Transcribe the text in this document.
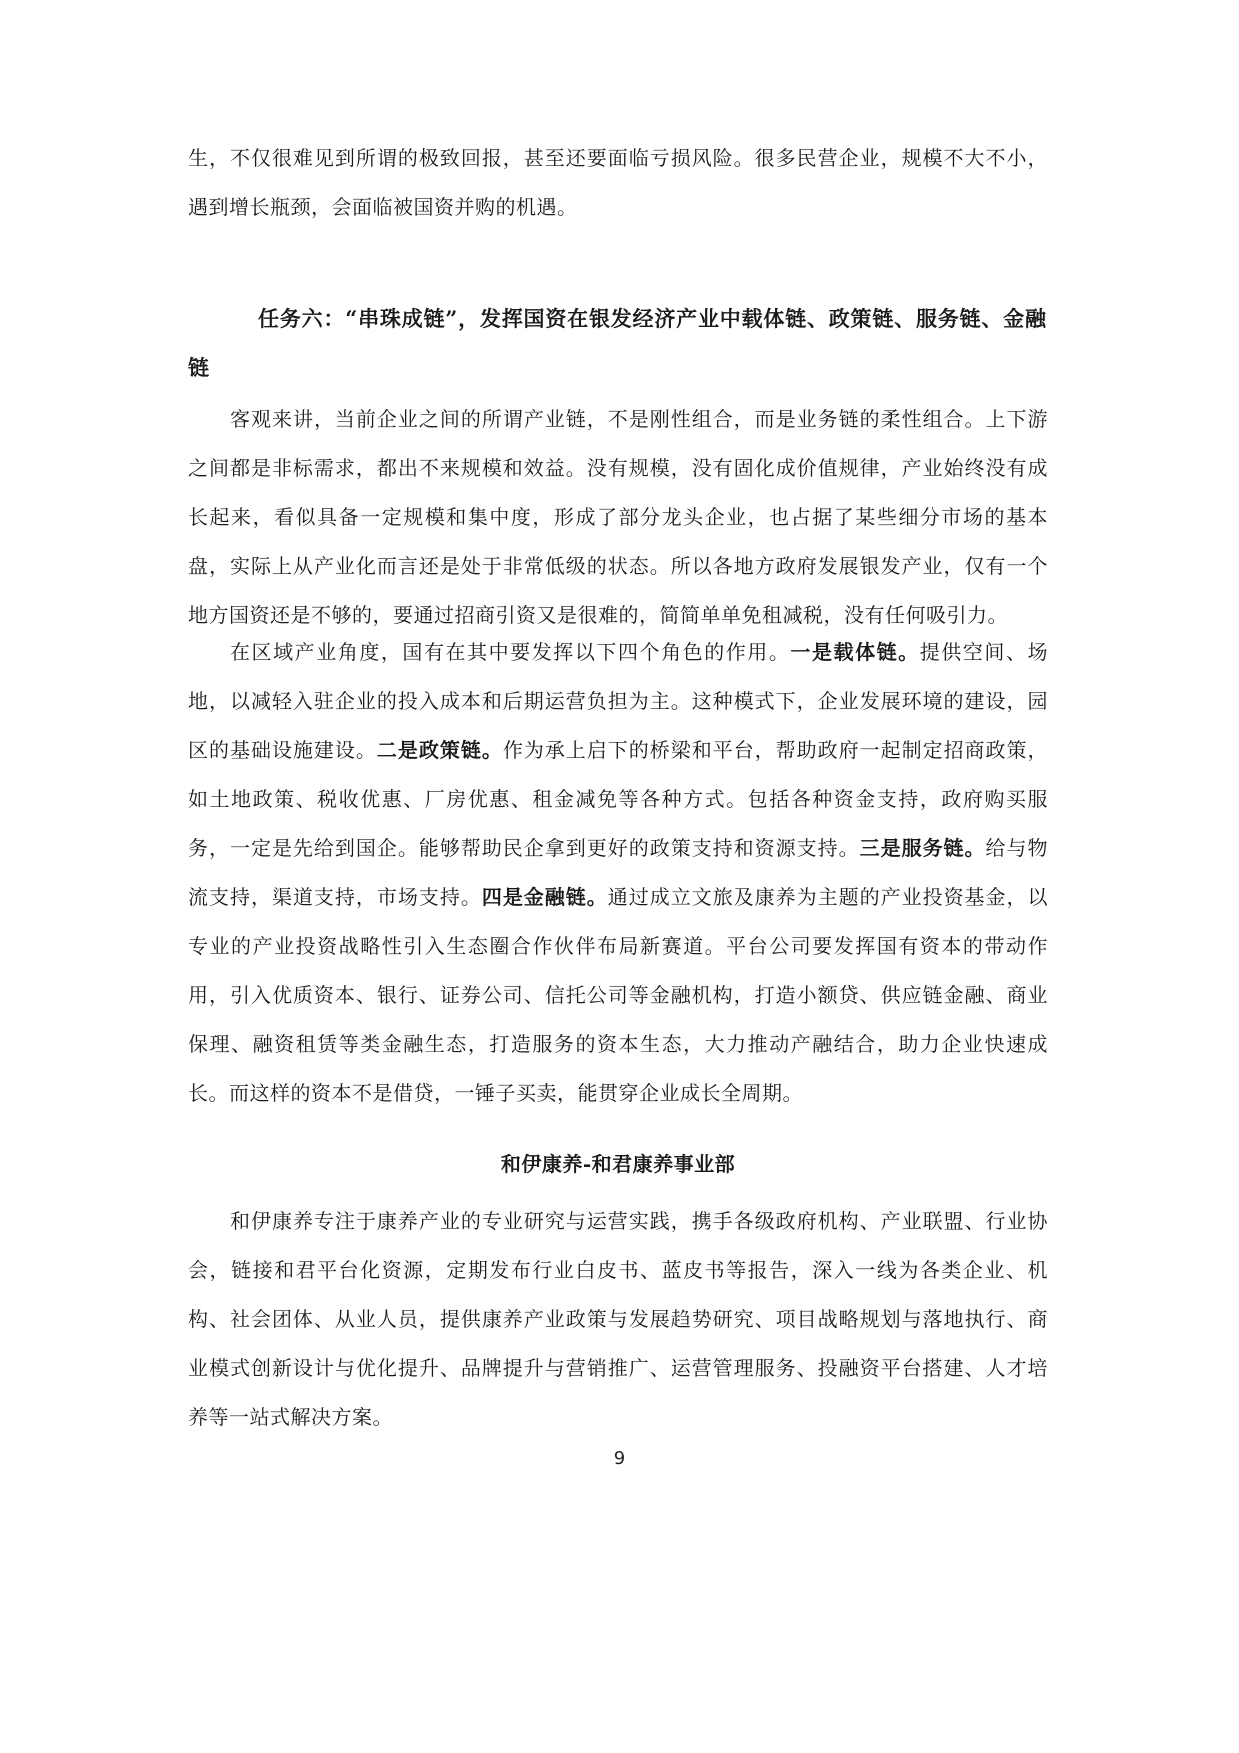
生，不仅很难见到所谓的极致回报，甚至还要面临亏损风险。很多民营企业，规模不大不小，遇到增长瓶颈，会面临被国资并购的机遇。

任务六：“串珠成链”，发挥国资在银发经济产业中载体链、政策链、服务链、金融链

客观来讲，当前企业之间的所谓产业链，不是刚性组合，而是业务链的柔性组合。上下游之间都是非标需求，都出不来规模和效益。没有规模，没有固化成价值规律，产业始终没有成长起来，看似具备一定规模和集中度，形成了部分龙头企业，也占据了某些细分市场的基本盘，实际上从产业化而言还是处于非常低级的状态。所以各地方政府发展银发产业，仅有一个地方国资还是不够的，要通过招商引资又是很难的，简简单单免租减税，没有任何吸引力。

在区域产业角度，国有在其中要发挥以下四个角色的作用。一是载体链。提供空间、场地，以减轻入驻企业的投入成本和后期运营负担为主。这种模式下，企业发展环境的建设，园区的基础设施建设。二是政策链。作为承上启下的桥梁和平台，帮助政府一起制定招商政策，如土地政策、税收优惠、厂房优惠、租金减免等各种方式。包括各种资金支持，政府购买服务，一定是先给到国企。能够帮助民企拿到更好的政策支持和资源支持。三是服务链。给与物流支持，渠道支持，市场支持。四是金融链。通过成立文旅及康养为主题的产业投资基金，以专业的产业投资战略性引入生态圈合作伙伴布局新赛道。平台公司要发挥国有资本的带动作用，引入优质资本、银行、证券公司、信托公司等金融机构，打造小额贷、供应链金融、商业保理、融资租赁等类金融生态，打造服务的资本生态，大力推动产融结合，助力企业快速成长。而这样的资本不是借贷，一锤子买卖，能贯穿企业成长全周期。

和伊康养-和君康养事业部

和伊康养专注于康养产业的专业研究与运营实践，携手各级政府机构、产业联盟、行业协会，链接和君平台化资源，定期发布行业白皮书、蓝皮书等报告，深入一线为各类企业、机构、社会团体、从业人员，提供康养产业政策与发展趋势研究、项目战略规划与落地执行、商业模式创新设计与优化提升、品牌提升与营销推广、运营管理服务、投融资平台搭建、人才培养等一站式解决方案。

9
